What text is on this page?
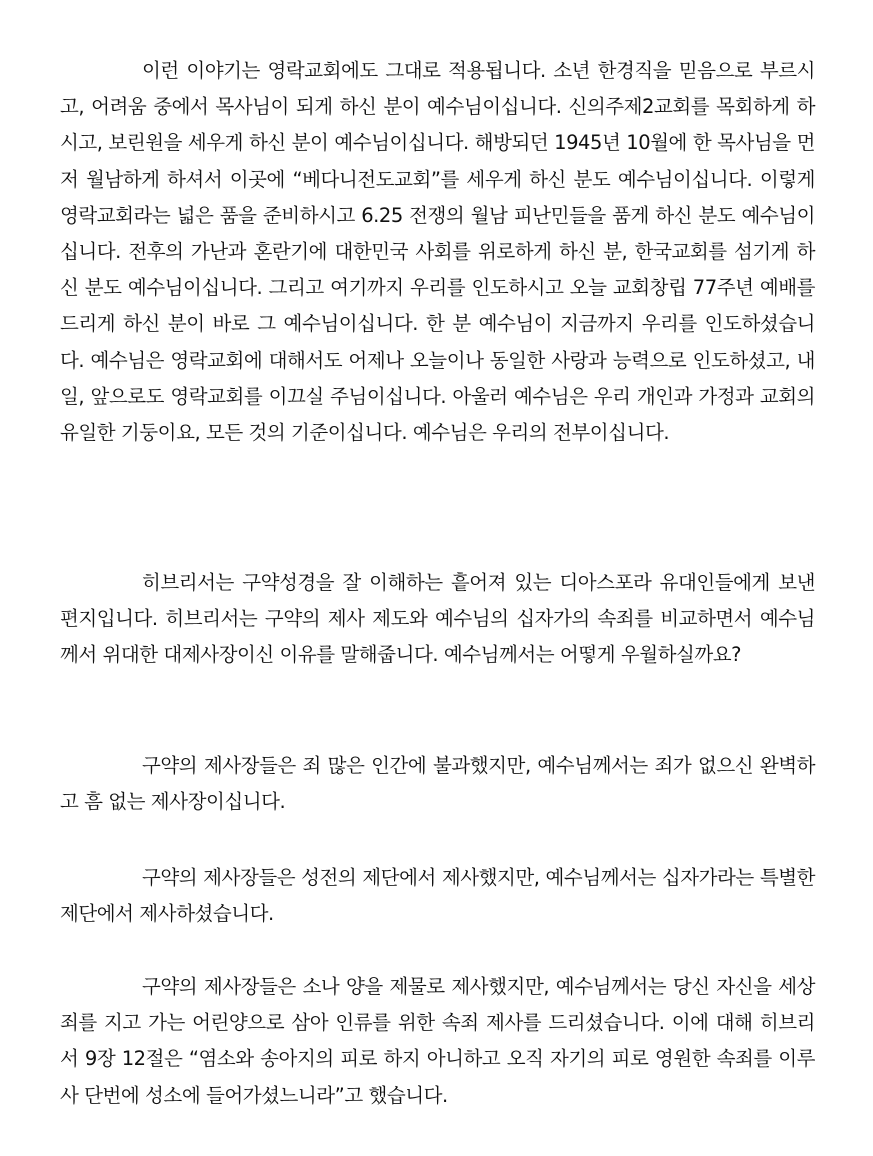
이런 이야기는 영락교회에도 그대로 적용됩니다. 소년 한경직을 믿음으로 부르시고, 어려움 중에서 목사님이 되게 하신 분이 예수님이십니다. 신의주제2교회를 목회하게 하시고, 보린원을 세우게 하신 분이 예수님이십니다. 해방되던 1945년 10월에 한 목사님을 먼저 월남하게 하셔서 이곳에 “베다니전도교회”를 세우게 하신 분도 예수님이십니다. 이렇게 영락교회라는 넓은 품을 준비하시고 6.25 전쟁의 월남 피난민들을 품게 하신 분도 예수님이십니다. 전후의 가난과 혼란기에 대한민국 사회를 위로하게 하신 분, 한국교회를 섬기게 하신 분도 예수님이십니다. 그리고 여기까지 우리를 인도하시고 오늘 교회창립 77주년 예배를 드리게 하신 분이 바로 그 예수님이십니다. 한 분 예수님이 지금까지 우리를 인도하셨습니다. 예수님은 영락교회에 대해서도 어제나 오늘이나 동일한 사랑과 능력으로 인도하셨고, 내일, 앞으로도 영락교회를 이끄실 주님이십니다. 아울러 예수님은 우리 개인과 가정과 교회의 유일한 기둥이요, 모든 것의 기준이십니다. 예수님은 우리의 전부이십니다.

히브리서는 구약성경을 잘 이해하는 흩어져 있는 디아스포라 유대인들에게 보낸 편지입니다. 히브리서는 구약의 제사 제도와 예수님의 십자가의 속죄를 비교하면서 예수님께서 위대한 대제사장이신 이유를 말해줍니다. 예수님께서는 어떻게 우월하실까요?

구약의 제사장들은 죄 많은 인간에 불과했지만, 예수님께서는 죄가 없으신 완벽하고 흠 없는 제사장이십니다.

구약의 제사장들은 성전의 제단에서 제사했지만, 예수님께서는 십자가라는 특별한 제단에서 제사하셨습니다.

구약의 제사장들은 소나 양을 제물로 제사했지만, 예수님께서는 당신 자신을 세상 죄를 지고 가는 어린양으로 삼아 인류를 위한 속죄 제사를 드리셨습니다. 이에 대해 히브리서 9장 12절은 “염소와 송아지의 피로 하지 아니하고 오직 자기의 피로 영원한 속죄를 이루사 단번에 성소에 들어가셨느니라”고 했습니다.
